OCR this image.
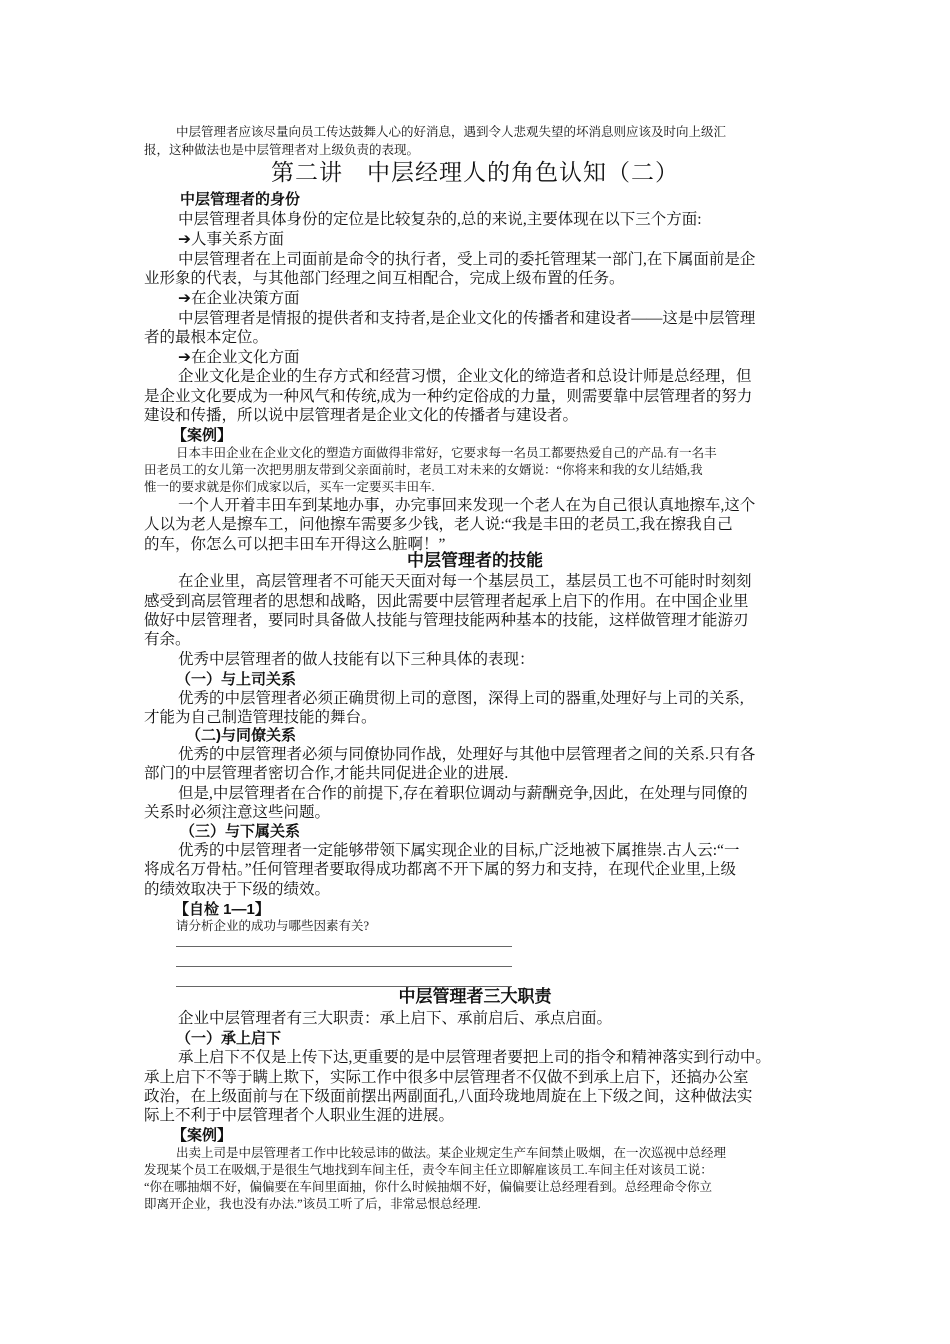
中层管理者应该尽量向员工传达鼓舞人心的好消息，遇到令人悲观失望的坏消息则应该及时向上级汇
报，这种做法也是中层管理者对上级负责的表现。
第二讲　中层经理人的角色认知（二）
中层管理者的身份
中层管理者具体身份的定位是比较复杂的,总的来说,主要体现在以下三个方面:
➔人事关系方面
中层管理者在上司面前是命令的执行者，受上司的委托管理某一部门,在下属面前是企
业形象的代表，与其他部门经理之间互相配合，完成上级布置的任务。
➔在企业决策方面
中层管理者是情报的提供者和支持者,是企业文化的传播者和建设者——这是中层管理
者的最根本定位。
➔在企业文化方面
企业文化是企业的生存方式和经营习惯，企业文化的缔造者和总设计师是总经理，但
是企业文化要成为一种风气和传统,成为一种约定俗成的力量，则需要靠中层管理者的努力
建设和传播，所以说中层管理者是企业文化的传播者与建设者。
【案例】
日本丰田企业在企业文化的塑造方面做得非常好，它要求每一名员工都要热爱自己的产品.有一名丰
田老员工的女儿第一次把男朋友带到父亲面前时，老员工对未来的女婿说：“你将来和我的女儿结婚,我
惟一的要求就是你们成家以后，买车一定要买丰田车.
一个人开着丰田车到某地办事，办完事回来发现一个老人在为自己很认真地擦车,这个
人以为老人是擦车工，问他擦车需要多少钱，老人说:“我是丰田的老员工,我在擦我自己
的车，你怎么可以把丰田车开得这么脏啊！”
中层管理者的技能
在企业里，高层管理者不可能天天面对每一个基层员工，基层员工也不可能时时刻刻
感受到高层管理者的思想和战略，因此需要中层管理者起承上启下的作用。在中国企业里
做好中层管理者，要同时具备做人技能与管理技能两种基本的技能，这样做管理才能游刃
有余。
优秀中层管理者的做人技能有以下三种具体的表现：
（一）与上司关系
优秀的中层管理者必须正确贯彻上司的意图，深得上司的器重,处理好与上司的关系,
才能为自己制造管理技能的舞台。
（二)与同僚关系
优秀的中层管理者必须与同僚协同作战，处理好与其他中层管理者之间的关系.只有各
部门的中层管理者密切合作,才能共同促进企业的进展.
但是,中层管理者在合作的前提下,存在着职位调动与薪酬竞争,因此，在处理与同僚的
关系时必须注意这些问题。
（三）与下属关系
优秀的中层管理者一定能够带领下属实现企业的目标,广泛地被下属推崇.古人云:“一
将成名万骨枯。”任何管理者要取得成功都离不开下属的努力和支持，在现代企业里,上级
的绩效取决于下级的绩效。
【自检 1—1】
请分析企业的成功与哪些因素有关?
中层管理者三大职责
企业中层管理者有三大职责：承上启下、承前启后、承点启面。
（一）承上启下
承上启下不仅是上传下达,更重要的是中层管理者要把上司的指令和精神落实到行动中。
承上启下不等于瞒上欺下，实际工作中很多中层管理者不仅做不到承上启下，还搞办公室
政治，在上级面前与在下级面前摆出两副面孔,八面玲珑地周旋在上下级之间，这种做法实
际上不利于中层管理者个人职业生涯的进展。
【案例】
出卖上司是中层管理者工作中比较忌讳的做法。某企业规定生产车间禁止吸烟，在一次巡视中总经理
发现某个员工在吸烟,于是很生气地找到车间主任，责令车间主任立即解雇该员工.车间主任对该员工说：
“你在哪抽烟不好，偏偏要在车间里面抽，你什么时候抽烟不好，偏偏要让总经理看到。总经理命令你立
即离开企业，我也没有办法.”该员工听了后，非常忌恨总经理.
